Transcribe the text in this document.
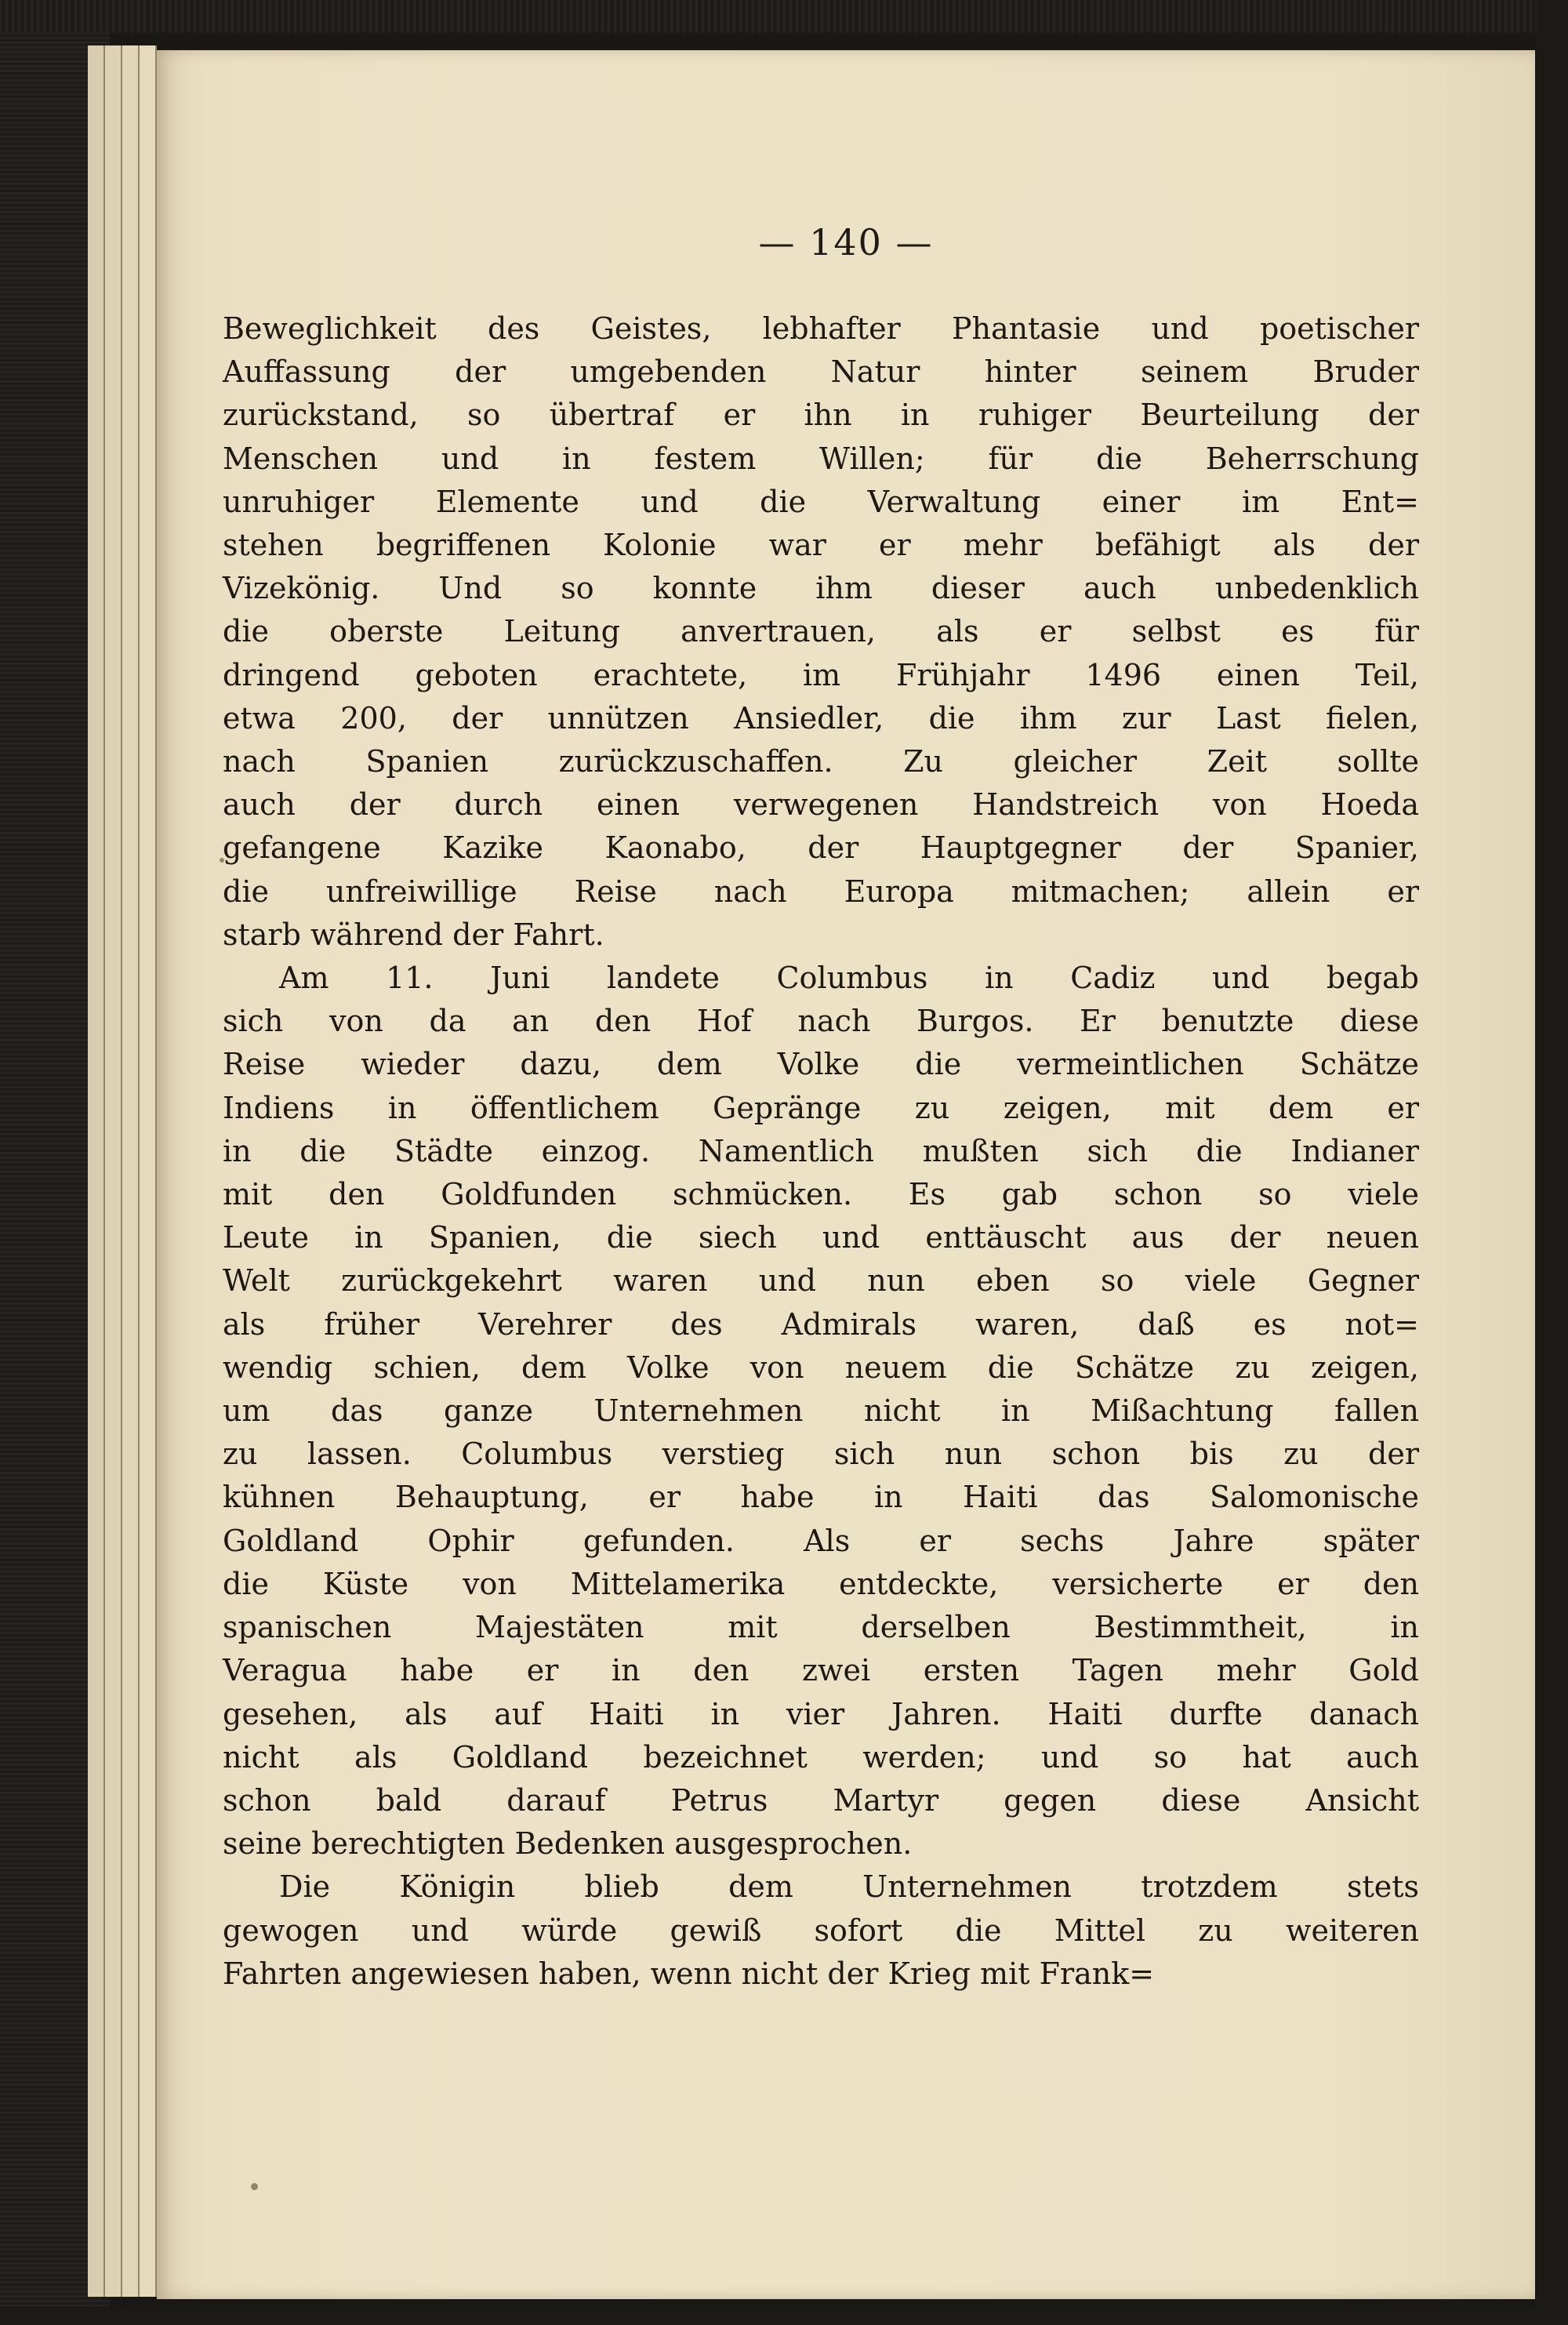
— 140 —

Beweglichkeit des Geistes, lebhafter Phantasie und poetischer
Auffassung der umgebenden Natur hinter seinem Bruder
zurückstand, so übertraf er ihn in ruhiger Beurteilung der
Menschen und in festem Willen; für die Beherrschung
unruhiger Elemente und die Verwaltung einer im Ent=
stehen begriffenen Kolonie war er mehr befähigt als der
Vizekönig. Und so konnte ihm dieser auch unbedenklich
die oberste Leitung anvertrauen, als er selbst es für
dringend geboten erachtete, im Frühjahr 1496 einen Teil,
etwa 200, der unnützen Ansiedler, die ihm zur Last fielen,
nach Spanien zurückzuschaffen. Zu gleicher Zeit sollte
auch der durch einen verwegenen Handstreich von Hoeda
gefangene Kazike Kaonabo, der Hauptgegner der Spanier,
die unfreiwillige Reise nach Europa mitmachen; allein er
starb während der Fahrt.

Am 11. Juni landete Columbus in Cadiz und begab
sich von da an den Hof nach Burgos. Er benutzte diese
Reise wieder dazu, dem Volke die vermeintlichen Schätze
Indiens in öffentlichem Gepränge zu zeigen, mit dem er
in die Städte einzog. Namentlich mußten sich die Indianer
mit den Goldfunden schmücken. Es gab schon so viele
Leute in Spanien, die siech und enttäuscht aus der neuen
Welt zurückgekehrt waren und nun eben so viele Gegner
als früher Verehrer des Admirals waren, daß es not=
wendig schien, dem Volke von neuem die Schätze zu zeigen,
um das ganze Unternehmen nicht in Mißachtung fallen
zu lassen. Columbus verstieg sich nun schon bis zu der
kühnen Behauptung, er habe in Haiti das Salomonische
Goldland Ophir gefunden. Als er sechs Jahre später
die Küste von Mittelamerika entdeckte, versicherte er den
spanischen Majestäten mit derselben Bestimmtheit, in
Veragua habe er in den zwei ersten Tagen mehr Gold
gesehen, als auf Haiti in vier Jahren. Haiti durfte danach
nicht als Goldland bezeichnet werden; und so hat auch
schon bald darauf Petrus Martyr gegen diese Ansicht
seine berechtigten Bedenken ausgesprochen.

Die Königin blieb dem Unternehmen trotzdem stets
gewogen und würde gewiß sofort die Mittel zu weiteren
Fahrten angewiesen haben, wenn nicht der Krieg mit Frank=
